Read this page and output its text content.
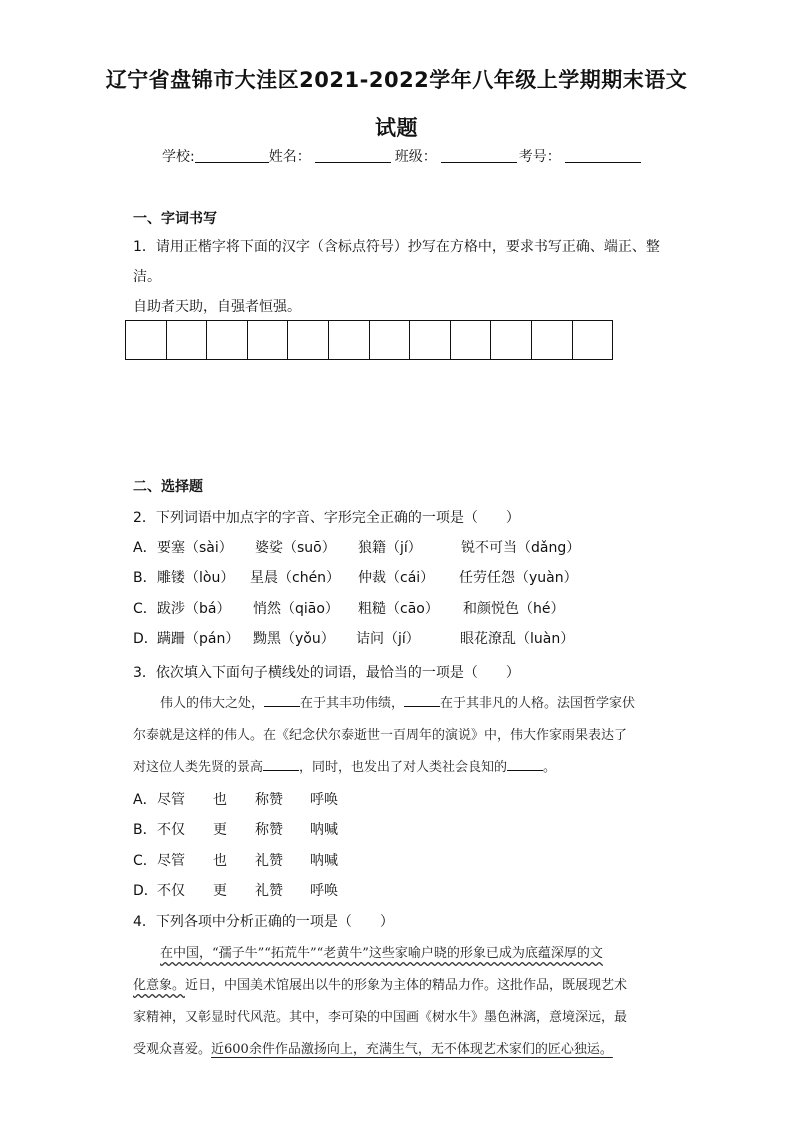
辽宁省盘锦市大洼区2021-2022学年八年级上学期期末语文
试题
学校:	姓名：	班级：	考号：
一、字词书写
1．请用正楷字将下面的汉字（含标点符号）抄写在方格中，要求书写正确、端正、整
洁。
自助者天助，自强者恒强。
二、选择题
2．下列词语中加点字的字音、字形完全正确的一项是（　　）
A． 要塞（sài） 婆娑（suō） 狼籍（jí）	锐不可当（dǎng）
B． 雕镂（lòu） 星晨（chén） 仲裁（cái） 任劳任怨（yuàn）
C． 跋涉（bá） 悄然（qiāo） 粗糙（cāo） 和颜悦色（hé）
D． 蹒跚（pán） 黝黑（yǒu） 诘问（jí）	眼花潦乱（luàn）
3．依次填入下面句子横线处的词语，最恰当的一项是（　　）
伟人的伟大之处，	在于其丰功伟绩，	在于其非凡的人格。法国哲学家伏
尔泰就是这样的伟人。在《纪念伏尔泰逝世一百周年的演说》中，伟大作家雨果表达了
对这位人类先贤的景高	，同时，也发出了对人类社会良知的	。
A． 尽管 也 称赞 呼唤
B． 不仅 更 称赞 呐喊
C． 尽管 也 礼赞 呐喊
D． 不仅 更 礼赞 呼唤
4．下列各项中分析正确的一项是（　　）
在中国，“孺子牛”“拓荒牛”“老黄牛”这些家喻户晓的形象已成为底蕴深厚的文
化意象。近日，中国美术馆展出以牛的形象为主体的精品力作。这批作品，既展现艺术
家精神，又彰显时代风范。其中，李可染的中国画《树水牛》墨色淋漓，意境深远，最
受观众喜爱。近600余件作品激扬向上，充满生气，无不体现艺术家们的匠心独运。
